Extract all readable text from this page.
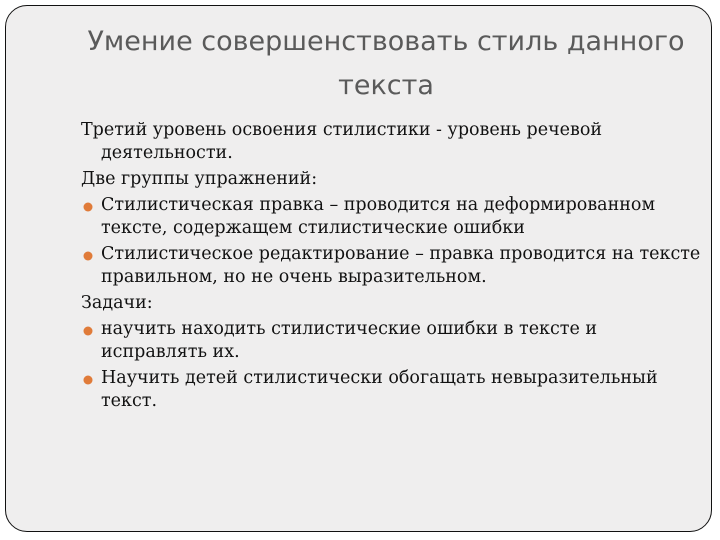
Умение совершенствовать стиль данного текста

Третий уровень освоения стилистики - уровень речевой деятельности.

Две группы упражнений:

Стилистическая правка – проводится на деформированном тексте, содержащем стилистические ошибки
Стилистическое редактирование – правка проводится на тексте правильном, но не очень выразительном.

Задачи:

научить находить стилистические ошибки в тексте и исправлять их.
Научить детей стилистически обогащать невыразительный текст.
